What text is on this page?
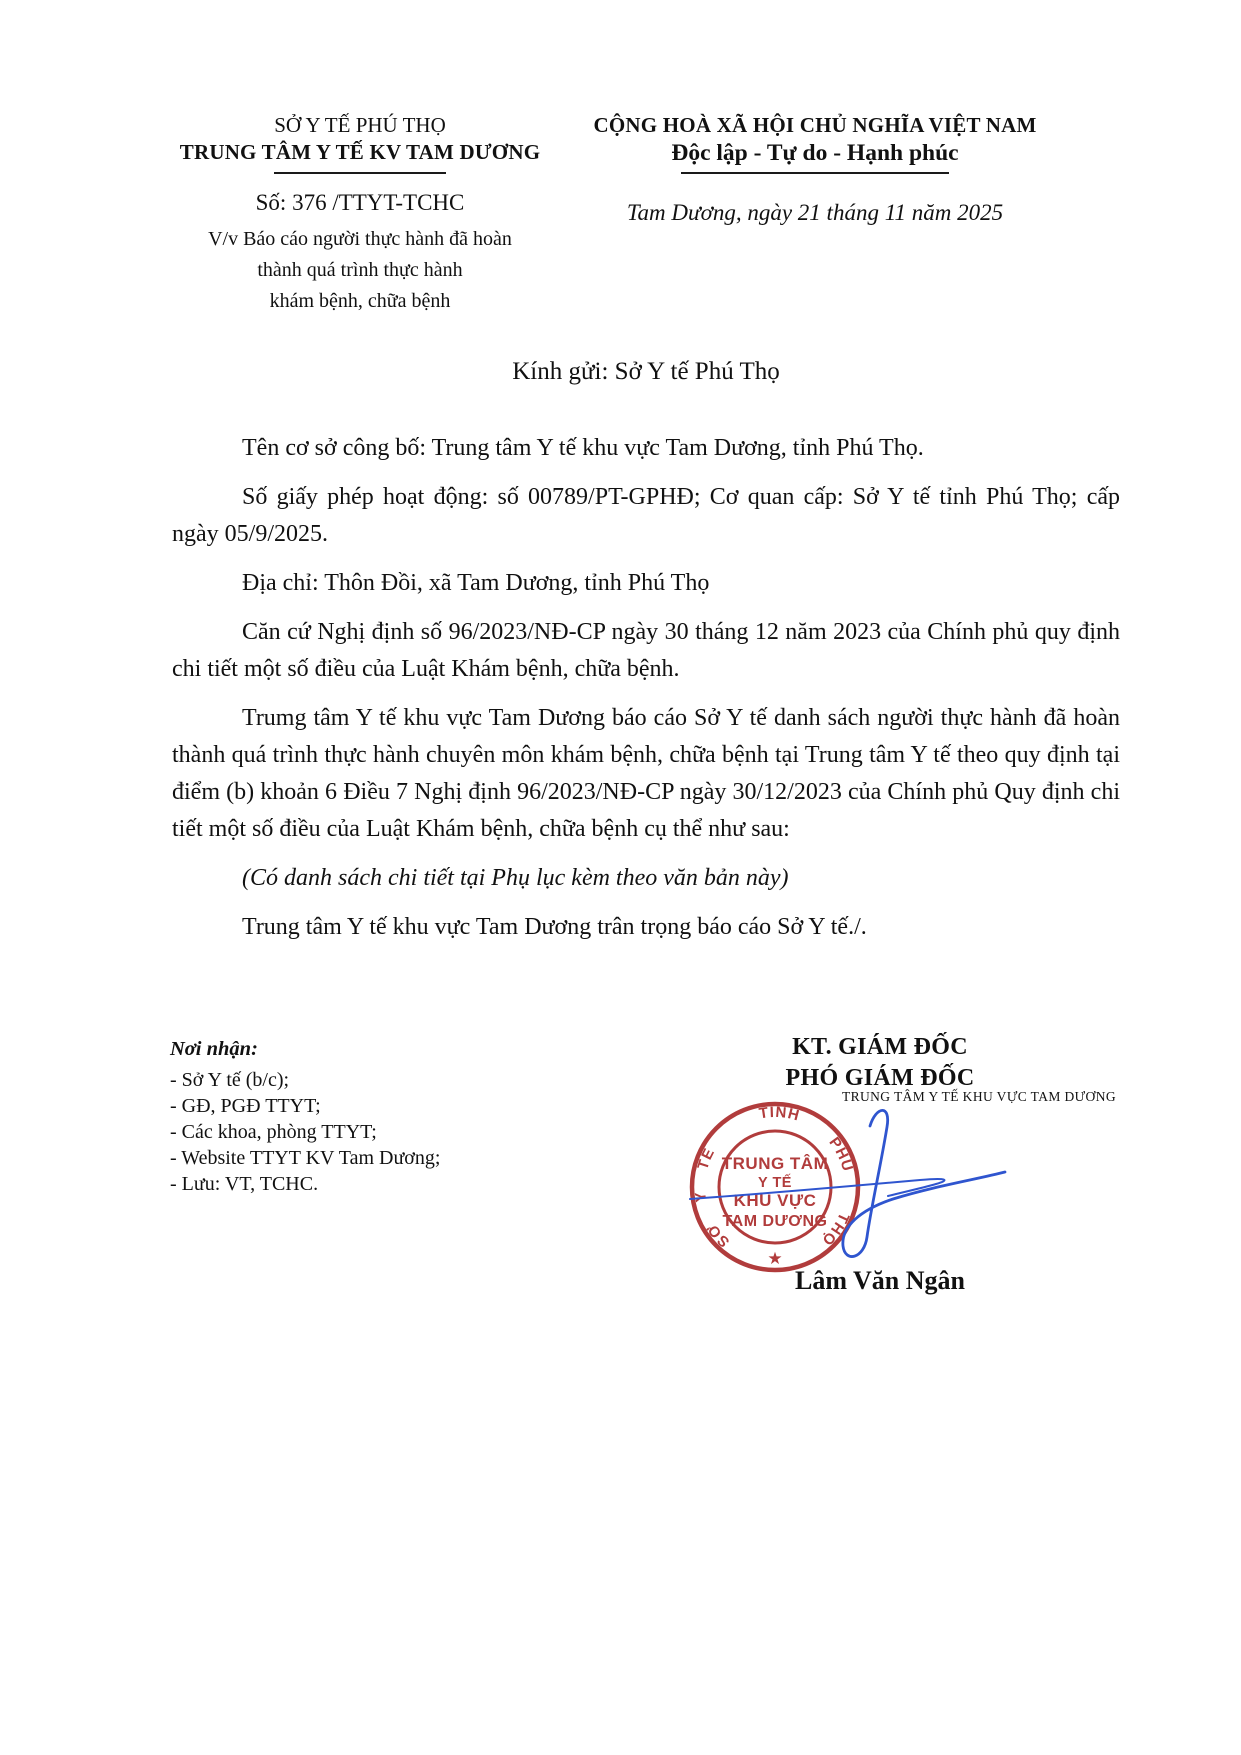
SỞ Y TẾ PHÚ THỌ
TRUNG TÂM Y TẾ KV TAM DƯƠNG
Số: 376 /TTYT-TCHC
V/v Báo cáo người thực hành đã hoàn
thành quá trình thực hành
khám bệnh, chữa bệnh
CỘNG HOÀ XÃ HỘI CHỦ NGHĨA VIỆT NAM
Độc lập - Tự do - Hạnh phúc
Tam Dương, ngày 21 tháng 11 năm 2025
Kính gửi: Sở Y tế Phú Thọ

Tên cơ sở công bố: Trung tâm Y tế khu vực Tam Dương, tỉnh Phú Thọ.

Số giấy phép hoạt động: số 00789/PT-GPHĐ; Cơ quan cấp: Sở Y tế tỉnh Phú Thọ; cấp ngày 05/9/2025.

Địa chỉ: Thôn Đồi, xã Tam Dương, tỉnh Phú Thọ

Căn cứ Nghị định số 96/2023/NĐ-CP ngày 30 tháng 12 năm 2023 của Chính phủ quy định chi tiết một số điều của Luật Khám bệnh, chữa bệnh.

Trumg tâm Y tế khu vực Tam Dương báo cáo Sở Y tế danh sách người thực hành đã hoàn thành quá trình thực hành chuyên môn khám bệnh, chữa bệnh tại Trung tâm Y tế theo quy định tại điểm (b) khoản 6 Điều 7 Nghị định 96/2023/NĐ-CP ngày 30/12/2023 của Chính phủ Quy định chi tiết một số điều của Luật Khám bệnh, chữa bệnh cụ thể như sau:

(Có danh sách chi tiết tại Phụ lục kèm theo văn bản này)

Trung tâm Y tế khu vực Tam Dương trân trọng báo cáo Sở Y tế./.

Nơi nhận:
- Sở Y tế (b/c);
- GĐ, PGĐ TTYT;
- Các khoa, phòng TTYT;
- Website TTYT KV Tam Dương;
- Lưu: VT, TCHC.
KT. GIÁM ĐỐC
PHÓ GIÁM ĐỐC
TRUNG TÂM Y TẾ KHU VỰC TAM DƯƠNG
SỞ
Y
TẾ
TỈNH
PHÚ
THỌ
★
TRUNG TÂM
Y TẾ
KHU VỰC
TAM DƯƠNG
Lâm Văn Ngân
